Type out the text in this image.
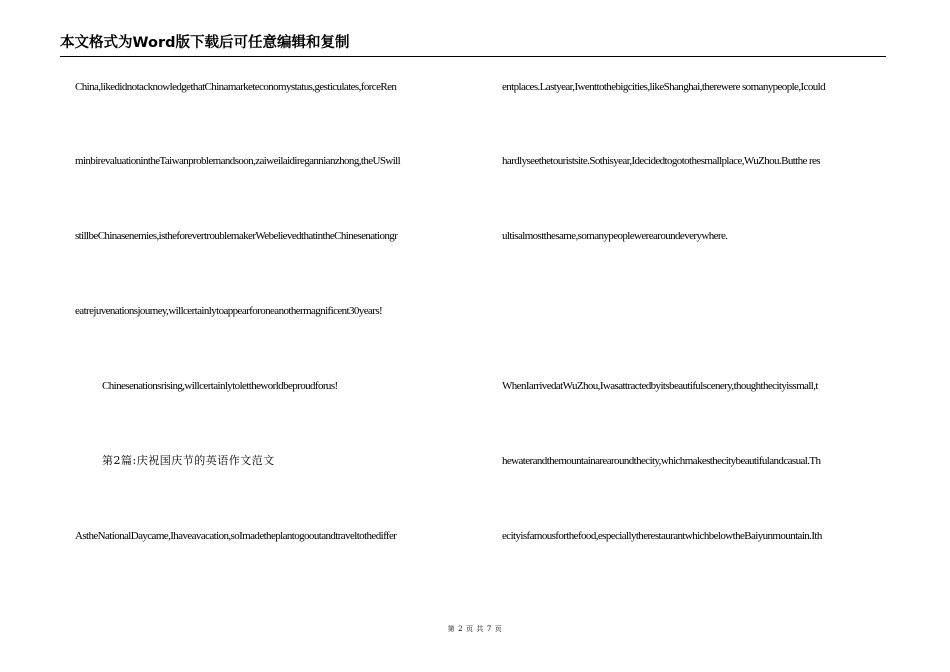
本文格式为Word版下载后可任意编辑和复制
China,likedidnotacknowledgethatChinamarketeconomystatus,gesticulates,forceRen
minbirevaluationintheTaiwanproblemandsoon,zaiweilaidiregannianzhong,theUSwill
stillbeChinasenemies,istheforevertroublemakerWebelievedthatintheChinesenationgr
eatrejuvenationsjourney,willcertainlytoappearforoneanothermagnificent30years!
Chinesenationsrising,willcertainlytolettheworldbeproudforus!
第2篇:庆祝国庆节的英语作文范文
AstheNationalDaycame,Ihaveavacation,soImadetheplantogooutandtraveltothediffer
entplaces.Lastyear,Iwenttothebigcities,likeShanghai,therewere somanypeople,Icould
hardlyseethetouristsite.Sothisyear,Idecidedtogotothesmallplace,WuZhou.Butthe res
ultisalmostthesame,somanypeoplewerearoundeverywhere.
WhenIarrivedatWuZhou,Iwasattractedbyitsbeautifulscenery,thoughthecityissmall,t
hewaterandthemountainarearoundthecity,whichmakesthecitybeautifulandcasual.Th
ecityisfamousforthefood,especiallytherestaurantwhichbelowtheBaiyunmountain.Ith
第 2 页 共 7 页
